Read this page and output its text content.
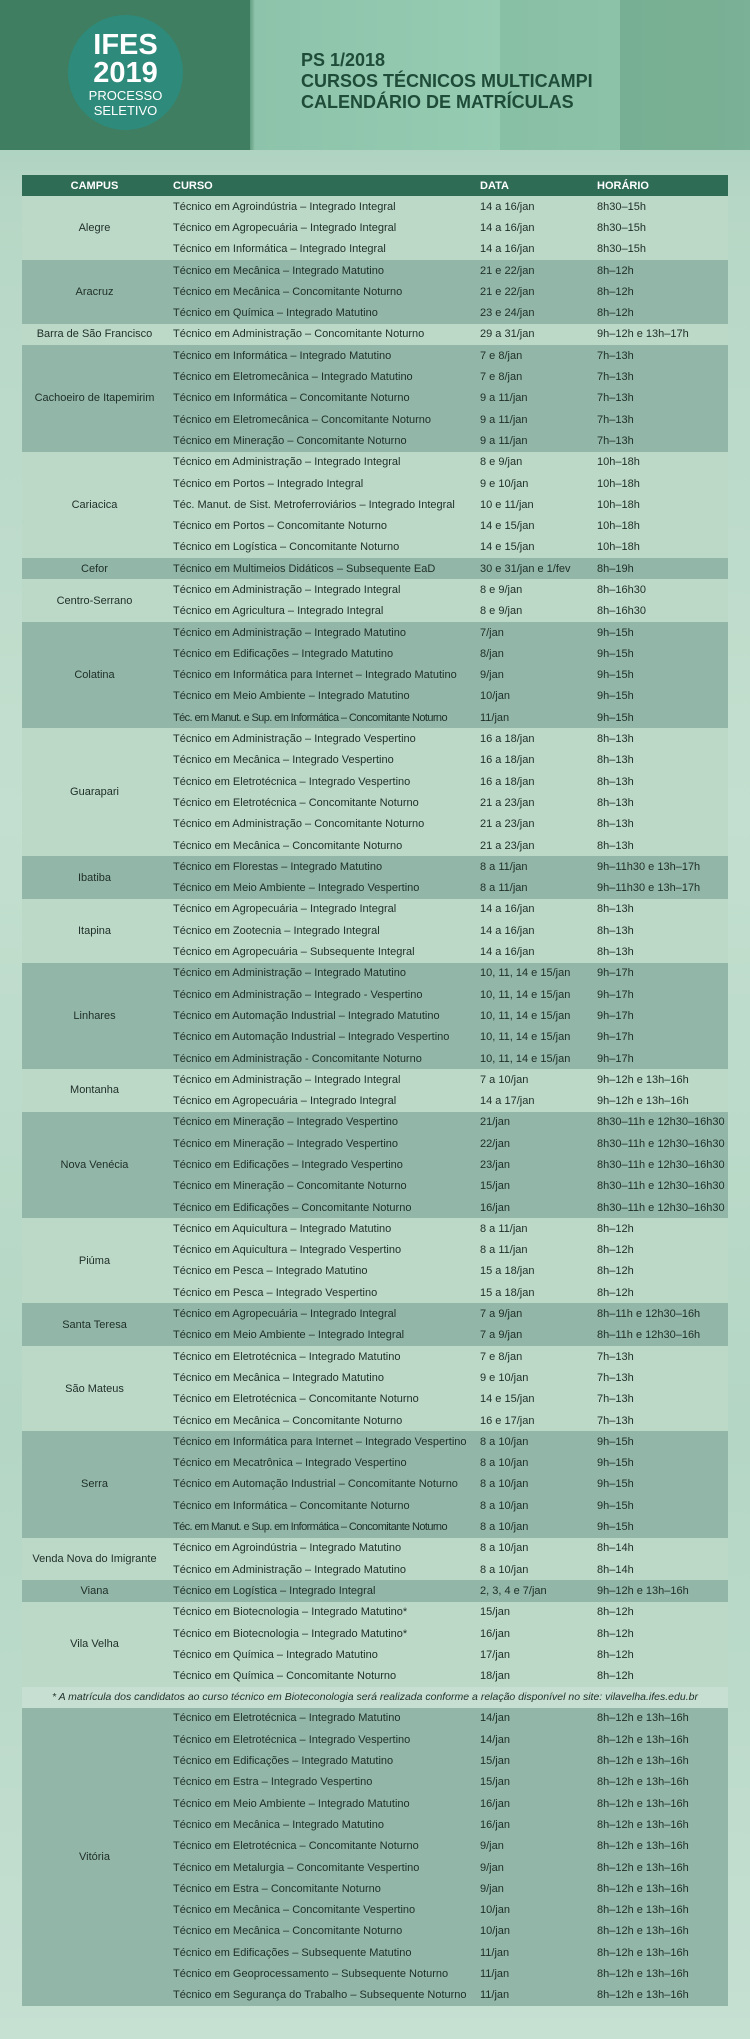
IFES
2019
PROCESSO
SELETIVO
PS 1/2018
CURSOS TÉCNICOS MULTICAMPI
CALENDÁRIO DE MATRÍCULAS
CAMPUS	CURSO	DATA	HORÁRIO
Alegre	Técnico em Agroindústria – Integrado Integral	14 a 16/jan	8h30–15h
	Técnico em Agropecuária – Integrado Integral	14 a 16/jan	8h30–15h
	Técnico em Informática – Integrado Integral	14 a 16/jan	8h30–15h
Aracruz	Técnico em Mecânica – Integrado Matutino	21 e 22/jan	8h–12h
	Técnico em Mecânica – Concomitante Noturno	21 e 22/jan	8h–12h
	Técnico em Química – Integrado Matutino	23 e 24/jan	8h–12h
Barra de São Francisco	Técnico em Administração – Concomitante Noturno	29 a 31/jan	9h–12h e 13h–17h
Cachoeiro de Itapemirim	Técnico em Informática – Integrado Matutino	7 e 8/jan	7h–13h
	Técnico em Eletromecânica – Integrado Matutino	7 e 8/jan	7h–13h
	Técnico em Informática – Concomitante Noturno	9 a 11/jan	7h–13h
	Técnico em Eletromecânica – Concomitante Noturno	9 a 11/jan	7h–13h
	Técnico em Mineração – Concomitante Noturno	9 a 11/jan	7h–13h
Cariacica	Técnico em Administração – Integrado Integral	8 e 9/jan	10h–18h
	Técnico em Portos – Integrado Integral	9 e 10/jan	10h–18h
	Téc. Manut. de Sist. Metroferroviários – Integrado Integral	10 e 11/jan	10h–18h
	Técnico em Portos – Concomitante Noturno	14 e 15/jan	10h–18h
	Técnico em Logística – Concomitante Noturno	14 e 15/jan	10h–18h
Cefor	Técnico em Multimeios Didáticos – Subsequente EaD	30 e 31/jan e 1/fev	8h–19h
Centro-Serrano	Técnico em Administração – Integrado Integral	8 e 9/jan	8h–16h30
	Técnico em Agricultura – Integrado Integral	8 e 9/jan	8h–16h30
Colatina	Técnico em Administração – Integrado Matutino	7/jan	9h–15h
	Técnico em Edificações – Integrado Matutino	8/jan	9h–15h
	Técnico em Informática para Internet – Integrado Matutino	9/jan	9h–15h
	Técnico em Meio Ambiente – Integrado Matutino	10/jan	9h–15h
	Téc. em Manut. e Sup. em Informática – Concomitante Noturno	11/jan	9h–15h
Guarapari	Técnico em Administração – Integrado Vespertino	16 a 18/jan	8h–13h
	Técnico em Mecânica – Integrado Vespertino	16 a 18/jan	8h–13h
	Técnico em Eletrotécnica – Integrado Vespertino	16 a 18/jan	8h–13h
	Técnico em Eletrotécnica – Concomitante Noturno	21 a 23/jan	8h–13h
	Técnico em Administração – Concomitante Noturno	21 a 23/jan	8h–13h
	Técnico em Mecânica – Concomitante Noturno	21 a 23/jan	8h–13h
Ibatiba	Técnico em Florestas – Integrado Matutino	8 a 11/jan	9h–11h30 e 13h–17h
	Técnico em Meio Ambiente – Integrado Vespertino	8 a 11/jan	9h–11h30 e 13h–17h
Itapina	Técnico em Agropecuária – Integrado Integral	14 a 16/jan	8h–13h
	Técnico em Zootecnia – Integrado Integral	14 a 16/jan	8h–13h
	Técnico em Agropecuária – Subsequente Integral	14 a 16/jan	8h–13h
Linhares	Técnico em Administração – Integrado Matutino	10, 11, 14 e 15/jan	9h–17h
	Técnico em Administração – Integrado - Vespertino	10, 11, 14 e 15/jan	9h–17h
	Técnico em Automação Industrial – Integrado Matutino	10, 11, 14 e 15/jan	9h–17h
	Técnico em Automação Industrial – Integrado Vespertino	10, 11, 14 e 15/jan	9h–17h
	Técnico em Administração - Concomitante Noturno	10, 11, 14 e 15/jan	9h–17h
Montanha	Técnico em Administração – Integrado Integral	7 a 10/jan	9h–12h e 13h–16h
	Técnico em Agropecuária – Integrado Integral	14 a 17/jan	9h–12h e 13h–16h
Nova Venécia	Técnico em Mineração – Integrado Vespertino	21/jan	8h30–11h e 12h30–16h30
	Técnico em Mineração – Integrado Vespertino	22/jan	8h30–11h e 12h30–16h30
	Técnico em Edificações – Integrado Vespertino	23/jan	8h30–11h e 12h30–16h30
	Técnico em Mineração – Concomitante Noturno	15/jan	8h30–11h e 12h30–16h30
	Técnico em Edificações – Concomitante Noturno	16/jan	8h30–11h e 12h30–16h30
Piúma	Técnico em Aquicultura – Integrado Matutino	8 a 11/jan	8h–12h
	Técnico em Aquicultura – Integrado Vespertino	8 a 11/jan	8h–12h
	Técnico em Pesca – Integrado Matutino	15 a 18/jan	8h–12h
	Técnico em Pesca – Integrado Vespertino	15 a 18/jan	8h–12h
Santa Teresa	Técnico em Agropecuária – Integrado Integral	7 a 9/jan	8h–11h e 12h30–16h
	Técnico em Meio Ambiente – Integrado Integral	7 a 9/jan	8h–11h e 12h30–16h
São Mateus	Técnico em Eletrotécnica – Integrado Matutino	7 e 8/jan	7h–13h
	Técnico em Mecânica – Integrado Matutino	9 e 10/jan	7h–13h
	Técnico em Eletrotécnica – Concomitante Noturno	14 e 15/jan	7h–13h
	Técnico em Mecânica – Concomitante Noturno	16 e 17/jan	7h–13h
Serra	Técnico em Informática para Internet – Integrado Vespertino	8 a 10/jan	9h–15h
	Técnico em Mecatrônica – Integrado Vespertino	8 a 10/jan	9h–15h
	Técnico em Automação Industrial – Concomitante Noturno	8 a 10/jan	9h–15h
	Técnico em Informática – Concomitante Noturno	8 a 10/jan	9h–15h
	Téc. em Manut. e Sup. em Informática – Concomitante Noturno	8 a 10/jan	9h–15h
Venda Nova do Imigrante	Técnico em Agroindústria – Integrado Matutino	8 a 10/jan	8h–14h
	Técnico em Administração – Integrado Matutino	8 a 10/jan	8h–14h
Viana	Técnico em Logística – Integrado Integral	2, 3, 4 e 7/jan	9h–12h e 13h–16h
Vila Velha	Técnico em Biotecnologia – Integrado Matutino*	15/jan	8h–12h
	Técnico em Biotecnologia – Integrado Matutino*	16/jan	8h–12h
	Técnico em Química – Integrado Matutino	17/jan	8h–12h
	Técnico em Química – Concomitante Noturno	18/jan	8h–12h
* A matrícula dos candidatos ao curso técnico em Bioteconologia será realizada conforme a relação disponível no site: vilavelha.ifes.edu.br			
Vitória	Técnico em Eletrotécnica – Integrado Matutino	14/jan	8h–12h e 13h–16h
	Técnico em Eletrotécnica – Integrado Vespertino	14/jan	8h–12h e 13h–16h
	Técnico em Edificações – Integrado Matutino	15/jan	8h–12h e 13h–16h
	Técnico em Estra – Integrado Vespertino	15/jan	8h–12h e 13h–16h
	Técnico em Meio Ambiente – Integrado Matutino	16/jan	8h–12h e 13h–16h
	Técnico em Mecânica – Integrado Matutino	16/jan	8h–12h e 13h–16h
	Técnico em Eletrotécnica – Concomitante Noturno	9/jan	8h–12h e 13h–16h
	Técnico em Metalurgia – Concomitante Vespertino	9/jan	8h–12h e 13h–16h
	Técnico em Estra – Concomitante Noturno	9/jan	8h–12h e 13h–16h
	Técnico em Mecânica – Concomitante Vespertino	10/jan	8h–12h e 13h–16h
	Técnico em Mecânica – Concomitante Noturno	10/jan	8h–12h e 13h–16h
	Técnico em Edificações – Subsequente Matutino	11/jan	8h–12h e 13h–16h
	Técnico em Geoprocessamento – Subsequente Noturno	11/jan	8h–12h e 13h–16h
	Técnico em Segurança do Trabalho – Subsequente Noturno	11/jan	8h–12h e 13h–16h
